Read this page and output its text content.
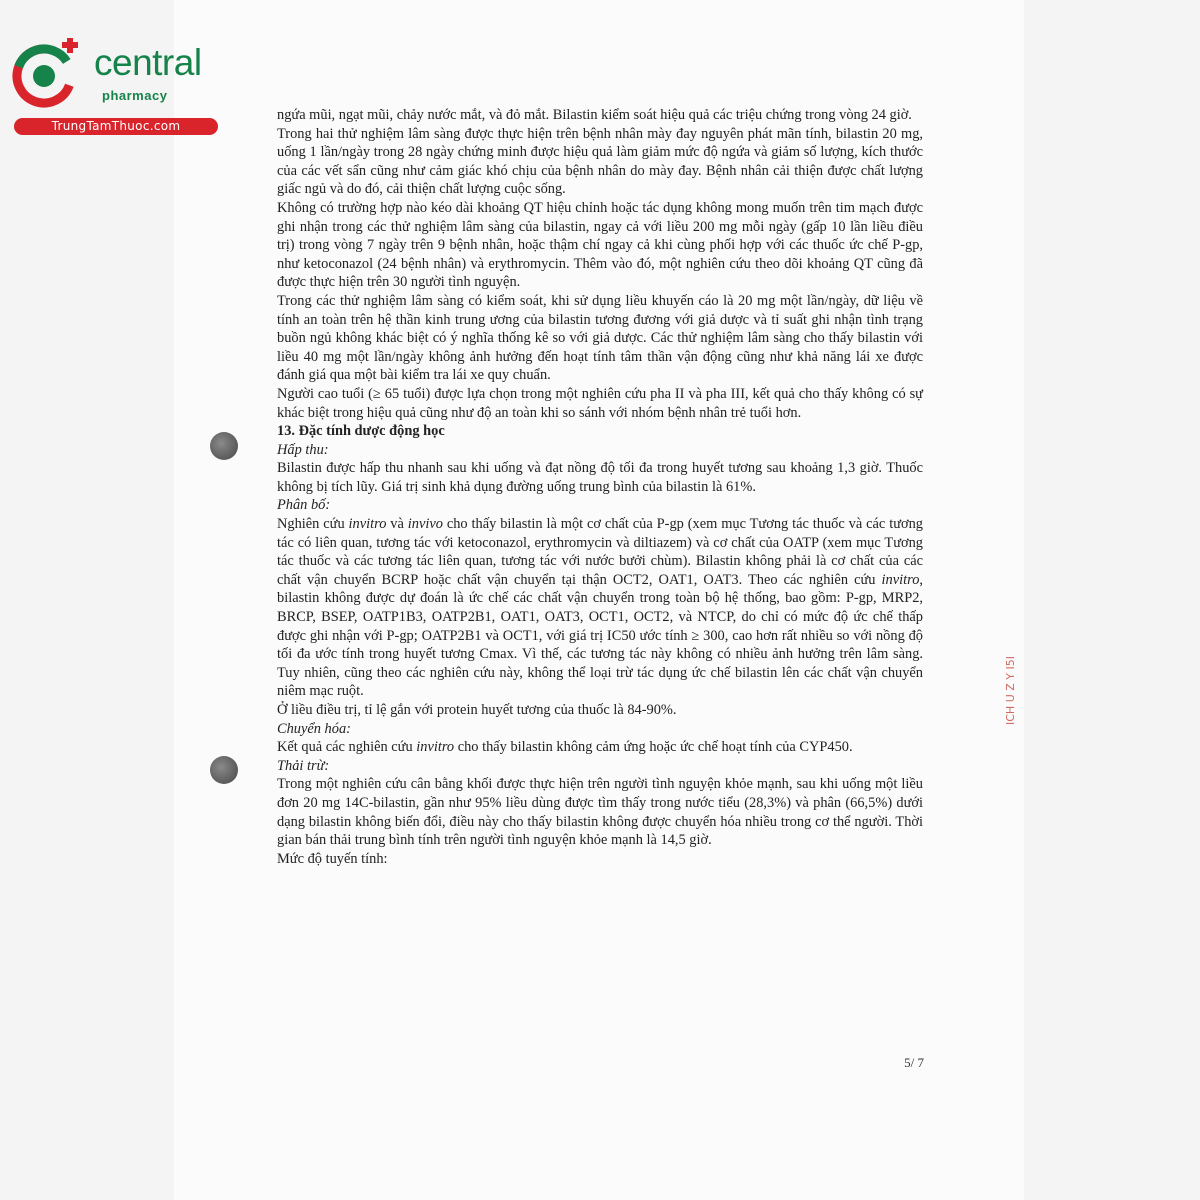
central
pharmacy
TrungTamThuoc.com

ngứa mũi, ngạt mũi, chảy nước mắt, và đỏ mắt. Bilastin kiểm soát hiệu quả các triệu chứng trong vòng 24 giờ.

Trong hai thử nghiệm lâm sàng được thực hiện trên bệnh nhân mày đay nguyên phát mãn tính, bilastin 20 mg, uống 1 lần/ngày trong 28 ngày chứng minh được hiệu quả làm giảm mức độ ngứa và giảm số lượng, kích thước của các vết sẩn cũng như cảm giác khó chịu của bệnh nhân do mày đay. Bệnh nhân cải thiện được chất lượng giấc ngủ và do đó, cải thiện chất lượng cuộc sống.

Không có trường hợp nào kéo dài khoảng QT hiệu chỉnh hoặc tác dụng không mong muốn trên tim mạch được ghi nhận trong các thử nghiệm lâm sàng của bilastin, ngay cả với liều 200 mg mỗi ngày (gấp 10 lần liều điều trị) trong vòng 7 ngày trên 9 bệnh nhân, hoặc thậm chí ngay cả khi cùng phối hợp với các thuốc ức chế P-gp, như ketoconazol (24 bệnh nhân) và erythromycin. Thêm vào đó, một nghiên cứu theo dõi khoảng QT cũng đã được thực hiện trên 30 người tình nguyện.

Trong các thử nghiệm lâm sàng có kiểm soát, khi sử dụng liều khuyến cáo là 20 mg một lần/ngày, dữ liệu về tính an toàn trên hệ thần kinh trung ương của bilastin tương đương với giả dược và tỉ suất ghi nhận tình trạng buồn ngủ không khác biệt có ý nghĩa thống kê so với giả dược. Các thử nghiệm lâm sàng cho thấy bilastin với liều 40 mg một lần/ngày không ảnh hưởng đến hoạt tính tâm thần vận động cũng như khả năng lái xe được đánh giá qua một bài kiểm tra lái xe quy chuẩn.

Người cao tuổi (≥ 65 tuổi) được lựa chọn trong một nghiên cứu pha II và pha III, kết quả cho thấy không có sự khác biệt trong hiệu quả cũng như độ an toàn khi so sánh với nhóm bệnh nhân trẻ tuổi hơn.

13. Đặc tính dược động học

Hấp thu:

Bilastin được hấp thu nhanh sau khi uống và đạt nồng độ tối đa trong huyết tương sau khoảng 1,3 giờ. Thuốc không bị tích lũy. Giá trị sinh khả dụng đường uống trung bình của bilastin là 61%.

Phân bố:

Nghiên cứu invitro và invivo cho thấy bilastin là một cơ chất của P-gp (xem mục Tương tác thuốc và các tương tác có liên quan, tương tác với ketoconazol, erythromycin và diltiazem) và cơ chất của OATP (xem mục Tương tác thuốc và các tương tác liên quan, tương tác với nước bưởi chùm). Bilastin không phải là cơ chất của các chất vận chuyển BCRP hoặc chất vận chuyển tại thận OCT2, OAT1, OAT3. Theo các nghiên cứu invitro, bilastin không được dự đoán là ức chế các chất vận chuyển trong toàn bộ hệ thống, bao gồm: P-gp, MRP2, BRCP, BSEP, OATP1B3, OATP2B1, OAT1, OAT3, OCT1, OCT2, và NTCP, do chỉ có mức độ ức chế thấp được ghi nhận với P-gp; OATP2B1 và OCT1, với giá trị IC50 ước tính ≥ 300, cao hơn rất nhiều so với nồng độ tối đa ước tính trong huyết tương Cmax. Vì thế, các tương tác này không có nhiều ảnh hưởng trên lâm sàng. Tuy nhiên, cũng theo các nghiên cứu này, không thể loại trừ tác dụng ức chế bilastin lên các chất vận chuyển niêm mạc ruột.

Ở liều điều trị, tỉ lệ gắn với protein huyết tương của thuốc là 84-90%.

Chuyển hóa:

Kết quả các nghiên cứu invitro cho thấy bilastin không cảm ứng hoặc ức chế hoạt tính của CYP450.

Thải trừ:

Trong một nghiên cứu cân bằng khối được thực hiện trên người tình nguyện khỏe mạnh, sau khi uống một liều đơn 20 mg 14C-bilastin, gần như 95% liều dùng được tìm thấy trong nước tiểu (28,3%) và phân (66,5%) dưới dạng bilastin không biến đổi, điều này cho thấy bilastin không được chuyển hóa nhiều trong cơ thể người. Thời gian bán thải trung bình tính trên người tình nguyện khỏe mạnh là 14,5 giờ.

Mức độ tuyến tính:

ICH U Z Y I5I
5/ 7
